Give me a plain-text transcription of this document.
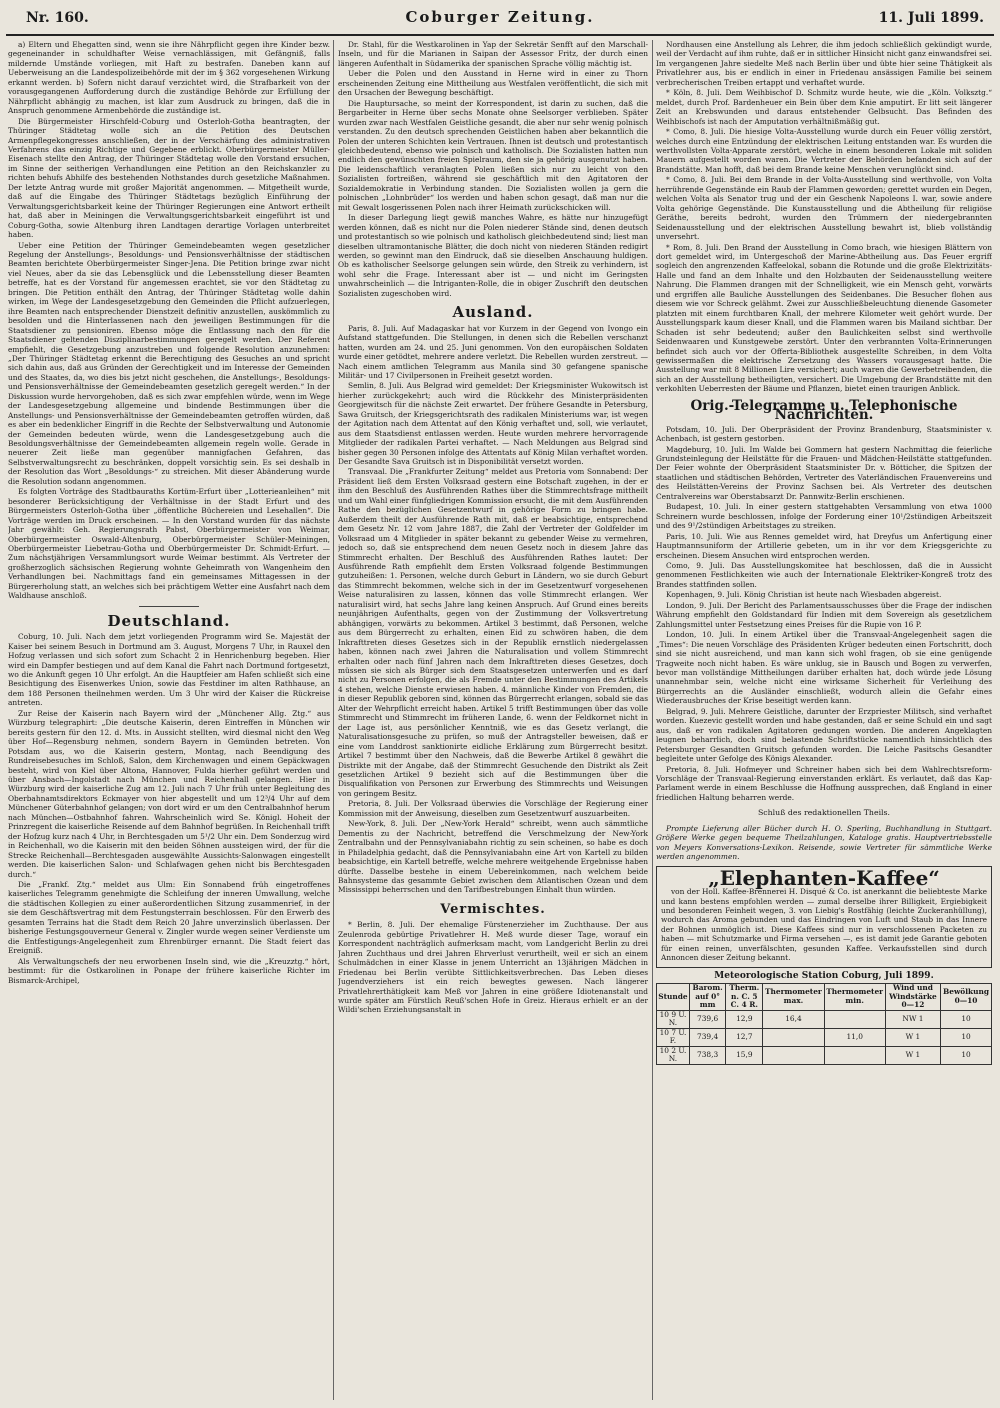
Nr. 160.	Coburger Zeitung.	11. Juli 1899.

a) Eltern und Eheg​atten sind, wenn sie ihre Nährpflicht gegen ihre Kinder bezw. gegeneinander in schuldhafter Weise vernachlässigen, mit Gefängniß, falls mildernde Umstände vorliegen, mit Haft zu bestrafen. Daneben kann auf Ueberweisung an die Landespolizeibehörde mit der im § 362 vorgesehenen Wirkung erkannt werden. b) Sofern nicht darauf verzichtet wird, die Strafbarkeit von der vorausgegangenen Aufforderung durch die zuständige Behörde zur Erfüllung der Nährpflicht abhängig zu machen, ist klar zum Ausdruck zu bringen, daß die in Anspruch genommene Armenbehörde die zuständige ist.

Die Bürgermeister Hirschfeld-Coburg und Osterloh-Gotha beantragten, der Thüringer Städtetag wolle sich an die Petition des Deutschen Armenpflegekongresses anschließen, der in der Verschärfung des administrativen Verfahrens das einzig Richtige und Gegebene erblickt. Oberbürgermeister Müller-Eisenach stellte den Antrag, der Thüringer Städtetag wolle den Vorstand ersuchen, im Sinne der seitherigen Verhandlungen eine Petition an den Reichskanzler zu richten behufs Abhilfe des bestehenden Nothstandes durch gesetzliche Maßnahmen. Der letzte Antrag wurde mit großer Majorität angenommen. — Mitgetheilt wurde, daß auf die Eingabe des Thüringer Städtetags bezüglich Einführung der Verwaltungsgerichtsbarkeit keine der Thüringer Regierungen eine Antwort ertheilt hat, daß aber in Meiningen die Verwaltungsgerichtsbarkeit eingeführt ist und Coburg-Gotha, sowie Altenburg ihren Landtagen derartige Vorlagen unterbreitet haben.

Ueber eine Petition der Thüringer Gemeindebeamten wegen gesetzlicher Regelung der Anstellungs-, Besoldungs- und Pensionsverhältnisse der städtischen Beamten berichtete Oberbürgermeister Singer-Jena. Die Petition bringe zwar nicht viel Neues, aber da sie das Lebensglück und die Lebensstellung dieser Beamten betreffe, hat es der Vorstand für angemessen erachtet, sie vor den Städtetag zu bringen. Die Petition enthält den Antrag, der Thüringer Städtetag wolle dahin wirken, im Wege der Landesgesetzgebung den Gemeinden die Pflicht aufzuerlegen, ihre Beamten nach entsprechender Dienstzeit definitiv anzustellen, auskömmlich zu besolden und die Hinterlassenen nach den jeweiligen Bestimmungen für die Staatsdiener zu pensioniren. Ebenso möge die Entlassung nach den für die Staatsdiener geltenden Disziplinarbestimmungen geregelt werden. Der Referent empfiehlt, die Gesetzgebung anzustreben und folgende Resolution anzunehmen: „Der Thüringer Städtetag erkennt die Berechtigung des Gesuches an und spricht sich dahin aus, daß aus Gründen der Gerechtigkeit und im Interesse der Gemeinden und des Staates, da, wo dies bis jetzt nicht geschehen, die Anstellungs-, Besoldungs- und Pensionsverhältnisse der Gemeindebeamten gesetzlich geregelt werden.“ In der Diskussion wurde hervorgehoben, daß es sich zwar empfehlen würde, wenn im Wege der Landesgesetzgebung allgemeine und bindende Bestimmungen über die Anstellungs- und Pensionsverhältnisse der Gemeindebeamten getroffen würden, daß es aber ein bedenklicher Eingriff in die Rechte der Selbstverwaltung und Autonomie der Gemeinden bedeuten würde, wenn die Landesgesetzgebung auch die Besoldungsverhältnisse der Gemeindebeamten allgemein regeln wolle. Gerade in neuerer Zeit ließe man gegenüber mannigfachen Gefahren, das Selbstverwaltungsrecht zu beschränken, doppelt vorsichtig sein. Es sei deshalb in der Resolution das Wort „Besoldungs-“ zu streichen. Mit dieser Abänderung wurde die Resolution sodann angenommen.

Es folgten Vorträge des Stadtbauraths Kortüm-Erfurt über „Lotterieanleihen“ mit besonderer Berücksichtigung der Verhältnisse in der Stadt Erfurt und des Bürgermeisters Osterloh-Gotha über „öffentliche Büchereien und Lesehallen“. Die Vorträge werden im Druck erscheinen. — In den Vorstand wurden für das nächste Jahr gewählt: Geh. Regierungsrath Pabst, Oberbürgermeister von Weimar, Oberbürgermeister Oswald-Altenburg, Oberbürgermeister Schüler-Meiningen, Oberbürgermeister Liebetrau-Gotha und Oberbürgermeister Dr. Schmidt-Erfurt. — Zum nächstjährigen Versammlungsort wurde Weimar bestimmt. Als Vertreter der großherzoglich sächsischen Regierung wohnte Geheimrath von Wangenheim den Verhandlungen bei. Nachmittags fand ein gemeinsames Mittagessen in der Bürgererholung statt, an welches sich bei prächtigem Wetter eine Ausfahrt nach dem Waldhause anschloß.

Deutschland.

Coburg, 10. Juli. Nach dem jetzt vorliegenden Programm wird Se. Majestät der Kaiser bei seinem Besuch in Dortmund am 3. August, Morgens 7 Uhr, in Rauxel den Hofzug verlassen und sich sofort zum Schacht 2 in Henrichenburg begeben. Hier wird ein Dampfer bestiegen und auf dem Kanal die Fahrt nach Dortmund fortgesetzt, wo die Ankunft gegen 10 Uhr erfolgt. An die Hauptfeier am Hafen schließt sich eine Besichtigung des Eisenwerkes Union, sowie das Festdiner im alten Rathhause, an dem 188 Personen theilnehmen werden. Um 3 Uhr wird der Kaiser die Rückreise antreten.

Zur Reise der Kaiserin nach Bayern wird der „Münchener Allg. Ztg.“ aus Würzburg telegraphirt: „Die deutsche Kaiserin, deren Eintreffen in München wir bereits gestern für den 12. d. Mts. in Aussicht stellten, wird diesmal nicht den Weg über Hof—Regensburg nehmen, sondern Bayern in Gemünden betreten. Von Potsdam aus, wo die Kaiserin gestern, Montag, nach Beendigung des Rundreisebesuches im Schloß, Salon, dem Kirchenwagen und einem Gepäckwagen besteht, wird von Kiel über Altona, Hannover, Fulda hierher geführt werden und über Ansbach—Ingolstadt nach München und Reichenhall gelangen. Hier in Würzburg wird der kaiserliche Zug am 12. Juli nach 7 Uhr früh unter Begleitung des Oberbahnamtsdirektors Eckmayer von hier abgestellt und um 12³/4 Uhr auf dem Münchener Güterbahnhof gelangen; von dort wird er um den Centralbahnhof herum nach München—Ostbahnhof fahren. Wahrscheinlich wird Se. Königl. Hoheit der Prinzregent die kaiserliche Reisende auf dem Bahnhof begrüßen. In Reichenhall trifft der Hofzug kurz nach 4 Uhr, in Berchtesgaden um 5¹/2 Uhr ein. Dem Sonderzug wird in Reichenhall, wo die Kaiserin mit den beiden Söhnen aussteigen wird, der für die Strecke Reichenhall—Berchtesgaden ausgewählte Aussichts-Salonwagen eingestellt werden. Die kaiserlichen Salon- und Schlafwagen gehen nicht bis Berchtesgaden durch.“

Die „Frankf. Ztg.“ meldet aus Ulm: Ein Sonnabend früh eingetroffenes kaiserliches Telegramm genehmigte die Schleifung der inneren Umwallung, welche die städtischen Kollegien zu einer außerordentlichen Sitzung zusammenrief, in der sie dem Geschäftsvertrag mit dem Festungsterrain beschlossen. Für den Erwerb des gesamten Terrains hat die Stadt dem Reich 20 Jahre unverzinslich überlassen. Der bisherige Festungsgouverneur General v. Zingler wurde wegen seiner Verdienste um die Entfestigungs-Angelegenheit zum Ehrenbürger ernannt. Die Stadt feiert das Ereigniß.

Als Verwaltungschefs der neu erworbenen Inseln sind, wie die „Kreuzztg.“ hört, bestimmt: für die Ostkarolinen in Ponape der frühere kaiserliche Richter im Bismarck-Archipel,

Dr. Stahl, für die Westkarolinen in Yap der Sekretär Senfft auf den Marschall-Inseln, und für die Marianen in Saipan der Assessor Fritz, der durch einen längeren Aufenthalt in Südamerika der spanischen Sprache völlig mächtig ist.

Ueber die Polen und den Ausstand in Herne wird in einer zu Thorn erscheinenden Zeitung eine Mittheilung aus Westfalen veröffentlicht, die sich mit den Ursachen der Bewegung beschäftigt.

Die Hauptursache, so meint der Korrespondent, ist darin zu suchen, daß die Bergarbeiter in Herne über sechs Monate ohne Seelsorger verblieben. Später wurden zwar nach Westfalen Geistliche gesandt, die aber nur sehr wenig polnisch verstanden. Zu den deutsch sprechenden Geistlichen haben aber bekanntlich die Polen der unteren Schichten kein Vertrauen. Ihnen ist deutsch und protestantisch gleichbedeutend, ebenso wie polnisch und katholisch. Die Sozialisten hatten nun endlich den gewünschten freien Spielraum, den sie ja gehörig ausgenutzt haben. Die leidenschaftlich veranlagten Polen ließen sich nur zu leicht von den Sozialisten fortreißen, während sie geschäftlich mit den Agitatoren der Sozialdemokratie in Verbindung standen. Die Sozialisten wollen ja gern die polnischen „Lohnbrüder“ los werden und haben schon gesagt, daß man nur die mit Gewalt losgerissenen Polen nach ihrer Heimath zurückschicken will.

In dieser Darlegung liegt gewiß manches Wahre, es hätte nur hinzugefügt werden können, daß es nicht nur die Polen niederer Stände sind, denen deutsch und protestantisch so wie polnisch und katholisch gleichbedeutend sind; liest man dieselben ultramontanische Blätter, die doch nicht von niederen Ständen redigirt werden, so gewinnt man den Eindruck, daß sie dieselben Anschauung huldigen. Ob es katholischer Seelsorge gelungen sein würde, den Streik zu verhindern, ist wohl sehr die Frage. Interessant aber ist — und nicht im Geringsten unwahrscheinlich — die Intriganten-Rolle, die in obiger Zuschrift den deutschen Sozialisten zugeschoben wird.

Ausland.

Paris, 8. Juli. Auf Madagaskar hat vor Kurzem in der Gegend von Ivongo ein Aufstand stattgefunden. Die Stellungen, in denen sich die Rebellen verschanzt hatten, wurden am 24. und 25. Juni genommen. Von den europäischen Soldaten wurde einer getödtet, mehrere andere verletzt. Die Rebellen wurden zerstreut. — Nach einem amtlichen Telegramm aus Manila sind 30 gefangene spanische Militär- und 17 Civilpersonen in Freiheit gesetzt worden.

Semlin, 8. Juli. Aus Belgrad wird gemeldet: Der Kriegsminister Wukowitsch ist hierher zurückgekehrt; auch wird die Rückkehr des Ministerpräsidenten Georgjewitsch für die nächste Zeit erwartet. Der frühere Gesandte in Petersburg, Sawa Gruitsch, der Kriegsgerichtsrath des radikalen Ministeriums war, ist wegen der Agitation nach dem Attentat auf den König verhaftet und, soll, wie verlautet, aus dem Staatsdienst entlassen werden. Heute wurden mehrere hervorragende Mitglieder der radikalen Partei verhaftet. — Nach Meldungen aus Belgrad sind bisher gegen 30 Personen infolge des Attentats auf König Milan verhaftet worden. Der Gesandte Sava Gruitsch ist in Disponibilität versetzt worden.

Transvaal. Die „Frankfurter Zeitung“ meldet aus Pretoria vom Sonnabend: Der Präsident ließ dem Ersten Volksraad gestern eine Botschaft zugehen, in der er ihm den Beschluß des Ausführenden Rathes über die Stimmrechtsfrage mittheilt und um Wahl einer fünfgliedrigen Kommission ersucht, die mit dem Ausführenden Rathe den bezüglichen Gesetzentwurf in gehörige Form zu bringen habe. Außerdem theilt der Ausführende Rath mit, daß er beabsichtige, entsprechend dem Gesetz Nr. 12 vom Jahre 1887, die Zahl der Vertreter der Goldfelder im Volksraad um 4 Mitglieder in später bekannt zu gebender Weise zu vermehren, jedoch so, daß sie entsprechend dem neuen Gesetz noch in diesem Jahre das Stimmrecht erhalten. Der Beschluß des Ausführenden Rathes lautet: Der Ausführende Rath empfiehlt dem Ersten Volksraad folgende Bestimmungen gutzuheißen: 1. Personen, welche durch Geburt in Ländern, wo sie durch Geburt das Stimmrecht bekommen, welche sich in der im Gesetzentwurf vorgesehenen Weise naturalisiren zu lassen, können das volle Stimmrecht erlangen. Wer naturalisirt wird, hat sechs Jahre lang keinen Anspruch. Auf Grund eines bereits neunjährigen Aufenthalts, gegen von der Zustimmung der Volksvertretung abhängigen, vorwärts zu bekommen. Artikel 3 bestimmt, daß Personen, welche aus dem Bürgerrecht zu erhalten, einen Eid zu schwören haben, die dem Inkrafttreten dieses Gesetzes sich in der Republik ernstlich niedergelassen haben, können nach zwei Jahren die Naturalisation und vollem Stimmrecht erhalten oder nach fünf Jahren nach dem Inkrafttreten dieses Gesetzes, doch müssen sie sich als Bürger sich dem Staatsgesetzen unterwerfen und es darf nicht zu Personen erfolgen, die als Fremde unter den Bestimmungen des Artikels 4 stehen, welche Dienste erwiesen haben. 4. männliche Kinder von Fremden, die in dieser Republik geboren sind, können das Bürgerrecht erlangen, sobald sie das Alter der Wehrpflicht erreicht haben. Artikel 5 trifft Bestimmungen über das volle Stimmrecht und Stimmrecht im früheren Lande, 6. wenn der Feldkornet nicht in der Lage ist, aus persönlicher Kenntniß, wie es das Gesetz verlangt, die Naturalisationsgesuche zu prüfen, so muß der Antragsteller beweisen, daß er eine vom Landdrost sanktionirte eidliche Erklärung zum Bürgerrecht besitzt. Artikel 7 bestimmt über den Nachweis, daß die Bewerbe Artikel 8 gewährt die Distrikte mit der Angabe, daß der Stimmrecht Gesuchende den Distrikt als Zeit gesetzlichen Artikel 9 bezieht sich auf die Bestimmungen über die Disqualifikation von Personen zur Erwerbung des Stimmrechts und Weisungen von geringem Besitz.

Pretoria, 8. Juli. Der Volksraad überwies die Vorschläge der Regierung einer Kommission mit der Anweisung, dieselben zum Gesetzentwurf auszuarbeiten.

New-York, 8. Juli. Der „New-York Herald“ schreibt, wenn auch sämmtliche Dementis zu der Nachricht, betreffend die Verschmelzung der New-York Zentralbahn und der Pennsylvaniabahn richtig zu sein scheinen, so habe es doch in Philadelphia gedacht, daß die Pennsylvaniabahn eine Art von Kartell zu bilden beabsichtige, ein Kartell betreffe, welche mehrere weitgehende Ergebnisse haben dürfte. Dasselbe bestehe in einem Uebereinkommen, nach welchem beide Bahnsysteme das gesammte Gebiet zwischen dem Atlantischen Ozean und dem Mississippi beherrschen und den Tarifbestrebungen Einhalt thun würden.

Vermischtes.

* Berlin, 8. Juli. Der ehemalige Fürstenerzieher im Zuchthause. Der aus Zeulenroda gebürtige Privatlehrer H. Meß wurde dieser Tage, worauf ein Korrespondent nachträglich aufmerksam macht, vom Landgericht Berlin zu drei Jahren Zuchthaus und drei Jahren Ehrverlust verurtheilt, weil er sich an einem Schulmädchen in einer Klasse in jenem Unterricht an 13jährigen Mädchen in Friedenau bei Berlin verübte Sittlichkeitsverbrechen. Das Leben dieses Jugendverziehers ist ein reich bewegtes gewesen. Nach längerer Privatlehrerthätigkeit kam Meß vor Jahren in eine größere Idiotenanstalt und wurde später am Fürstlich Reuß'schen Hofe in Greiz. Hieraus erhielt er an der Wildi'schen Erziehungsanstalt in

Nordhausen eine Anstellung als Lehrer, die ihm jedoch schließlich gekündigt wurde, weil der Verdacht auf ihm ruhte, daß er in sittlicher Hinsicht nicht ganz einwandsfrei sei. Im vergangenen Jahre siedelte Meß nach Berlin über und übte hier seine Thätigkeit als Privatlehrer aus, bis er endlich in einer in Friedenau ansässigen Familie bei seinem verbrecherischen Treiben ertappt und verhaftet wurde.

* Köln, 8. Juli. Dem Weihbischof D. Schmitz wurde heute, wie die „Köln. Volksztg.“ meldet, durch Prof. Bardenheuer ein Bein über dem Knie amputirt. Er litt seit längerer Zeit an Krebswunden und daraus entstehender Gelbsucht. Das Befinden des Weihbischofs ist nach der Amputation verhältnißmäßig gut.

* Como, 8. Juli. Die hiesige Volta-Ausstellung wurde durch ein Feuer völlig zerstört, welches durch eine Entzündung der elektrischen Leitung entstanden war. Es wurden die werthvollsten Volta-Apparate zerstört, welche in einem besonderen Lokale mit soliden Mauern aufgestellt worden waren. Die Vertreter der Behörden befanden sich auf der Brandstätte. Man hofft, daß bei dem Brande keine Menschen verunglückt sind.

* Como, 8. Juli. Bei dem Brande in der Volta-Ausstellung sind werthvolle, von Volta herrührende Gegenstände ein Raub der Flammen geworden; gerettet wurden ein Degen, welchen Volta als Senator trug und der ein Geschenk Napoleons I. war, sowie andere Volta gehörige Gegenstände. Die Kunstausstellung und die Abtheilung für religiöse Geräthe, bereits bedroht, wurden den Trümmern der niedergebrannten Seidenausstellung und der elektrischen Ausstellung bewahrt ist, blieb vollständig unversehrt.

* Rom, 8. Juli. Den Brand der Ausstellung in Como brach, wie hiesigen Blättern von dort gemeldet wird, im Untergeschoß der Marine-Abtheilung aus. Das Feuer ergriff sogleich den angrenzenden Kaffeelokal, sobann die Rotunde und die große Elektrizitäts-Halle und fand an dem Inhalte und den Holzbauten der Seidenausstellung weitere Nahrung. Die Flammen drangen mit der Schnelligkeit, wie ein Mensch geht, vorwärts und ergriffen alle Bauliche Ausstellungen des Seidenbanes. Die Besucher flohen aus diesem wie vor Schreck gelähmt. Zwei zur Ausschließbeleuchtung dienende Gasometer platzten mit einem furchtbaren Knall, der mehrere Kilometer weit gehört wurde. Der Ausstellungspark kaum dieser Knall, und die Flammen waren bis Mailand sichtbar. Der Schaden ist sehr bedeutend; außer den Baulichkeiten selbst sind werthvolle Seidenwaaren und Kunstgewebe zerstört. Unter den verbrannten Volta-Erinnerungen befindet sich auch vor der Offerta-Bibliothek ausgestellte Schreiben, in dem Volta gewissermaßen die elektrische Zersetzung des Wassers vorausgesagt hatte. Die Ausstellung war mit 8 Millionen Lire versichert; auch waren die Gewerbetreibenden, die sich an der Ausstellung betheiligten, versichert. Die Umgebung der Brandstätte mit den verkohlten Ueberresten der Bäume und Pflanzen, bietet einen traurigen Anblick.

Orig.-Telegramme u. Telephonische Nachrichten.

Potsdam, 10. Juli. Der Oberpräsident der Provinz Brandenburg, Staatsminister v. Achenbach, ist gestern gestorben.

Magdeburg, 10. Juli. Im Walde bei Gommern hat gestern Nachmittag die feierliche Grundsteinlegung der Heilstätte für die Frauen- und Mädchen-Heilstätte stattgefunden. Der Feier wohnte der Oberpräsident Staatsminister Dr. v. Bötticher, die Spitzen der staatlichen und städtischen Behörden, Vertreter des Vaterländischen Frauenvereins und des Heilstätten-Vereins der Provinz Sachsen bei. Als Vertreter des deutschen Centralvereins war Oberstabsarzt Dr. Pannwitz-Berlin erschienen.

Budapest, 10. Juli. In einer gestern stattgehabten Versammlung von etwa 1000 Schreinern wurde beschlossen, infolge der Forderung einer 10¹/2stündigen Arbeitszeit und des 9¹/2stündigen Arbeitstages zu streiken.

Paris, 10. Juli. Wie aus Rennes gemeldet wird, hat Dreyfus um Anfertigung einer Hauptmannsuniform der Artillerie gebeten, um in ihr vor dem Kriegsgerichte zu erscheinen. Diesem Ansuchen wird entsprochen werden.

Como, 9. Juli. Das Ausstellungskomitee hat beschlossen, daß die in Aussicht genommenen Festlichkeiten wie auch der Internationale Elektriker-Kongreß trotz des Brandes stattfinden sollen.

Kopenhagen, 9. Juli. König Christian ist heute nach Wiesbaden abgereist.

London, 9. Juli. Der Bericht des Parlamentsausschusses über die Frage der indischen Währung empfiehlt den Goldstandard für Indien mit dem Sovereign als gesetzlichem Zahlungsmittel unter Festsetzung eines Preises für die Rupie von 16 P.

London, 10. Juli. In einem Artikel über die Transvaal-Angelegenheit sagen die „Times“: Die neuen Vorschläge des Präsidenten Krüger bedeuten einen Fortschritt, doch sind sie nicht ausreichend, und man kann sich wohl fragen, ob sie eine genügende Tragweite noch nicht haben. Es wäre unklug, sie in Bausch und Bogen zu verwerfen, bevor man vollständige Mittheilungen darüber erhalten hat, doch würde jede Lösung unannehmbar sein, welche nicht eine wirksame Sicherheit für Verleihung des Bürgerrechts an die Ausländer einschließt, wodurch allein die Gefahr eines Wiederausbruches der Krise beseitigt werden kann.

Belgrad, 9. Juli. Mehrere Geistliche, darunter der Erzpriester Militsch, sind verhaftet worden. Kuezevic gestellt worden und habe gestanden, daß er seine Schuld ein und sagt aus, daß er von radikalen Agitatoren gedungen worden. Die anderen Angeklagten leugnen beharrlich, doch sind belastende Schriftstücke namentlich hinsichtlich des Petersburger Gesandten Gruitsch gefunden worden. Die Leiche Pasitschs Gesandter begleitete unter Gefolge des Königs Alexander.

Pretoria, 8. Juli. Hofmeyer und Schreiner haben sich bei dem Wahlrechtsreform-Vorschläge der Transvaal-Regierung einverstanden erklärt. Es verlautet, daß das Kap-Parlament werde in einem Beschlusse die Hoffnung aussprechen, daß England in einer friedlichen Haltung beharren werde.

Schluß des redaktionellen Theils.

Prompte Lieferung aller Bücher durch H. O. Sperling, Buchhandlung in Stuttgart. Größere Werke gegen bequeme Theilzahlungen, Kataloge gratis. Hauptvertriebsstelle von Meyers Konversations-Lexikon. Reisende, sowie Vertreter für sämmtliche Werke werden angenommen.

„Elephanten-Kaffee“

von der Holl. Kaffee-Brennerei H. Disqué & Co. ist anerkannt die beliebteste Marke und kann bestens empfohlen werden — zumal derselbe ihrer Billigkeit, Ergiebigkeit und besonderen Feinheit wegen, 3. von Liebig's Rostfähig (leichte Zuckeranhüllung), wodurch das Aroma gebunden und das Eindringen von Luft und Staub in das Innere der Bohnen unmöglich ist. Diese Kaffees sind nur in verschlossenen Packeten zu haben — mit Schutzmarke und Firma versehen —, es ist damit jede Garantie geboten für einen reinen, unverfälschten, gesunden Kaffee. Verkaufsstellen sind durch Annoncen dieser Zeitung bekannt.

Meteorologische Station Coburg, Juli 1899.
Stunde	Barom. auf 0° mm	Therm. n. C. 5 C. 4 R.	Thermometer max.	Thermometer min.	Wind und Windstärke 0—12	Bewölkung 0—10
10 9 U. N.	739,6	12,9	16,4		NW 1	10
10 7 U. F.	739,4	12,7		11,0	W 1	10
10 2 U. N.	738,3	15,9			W 1	10
